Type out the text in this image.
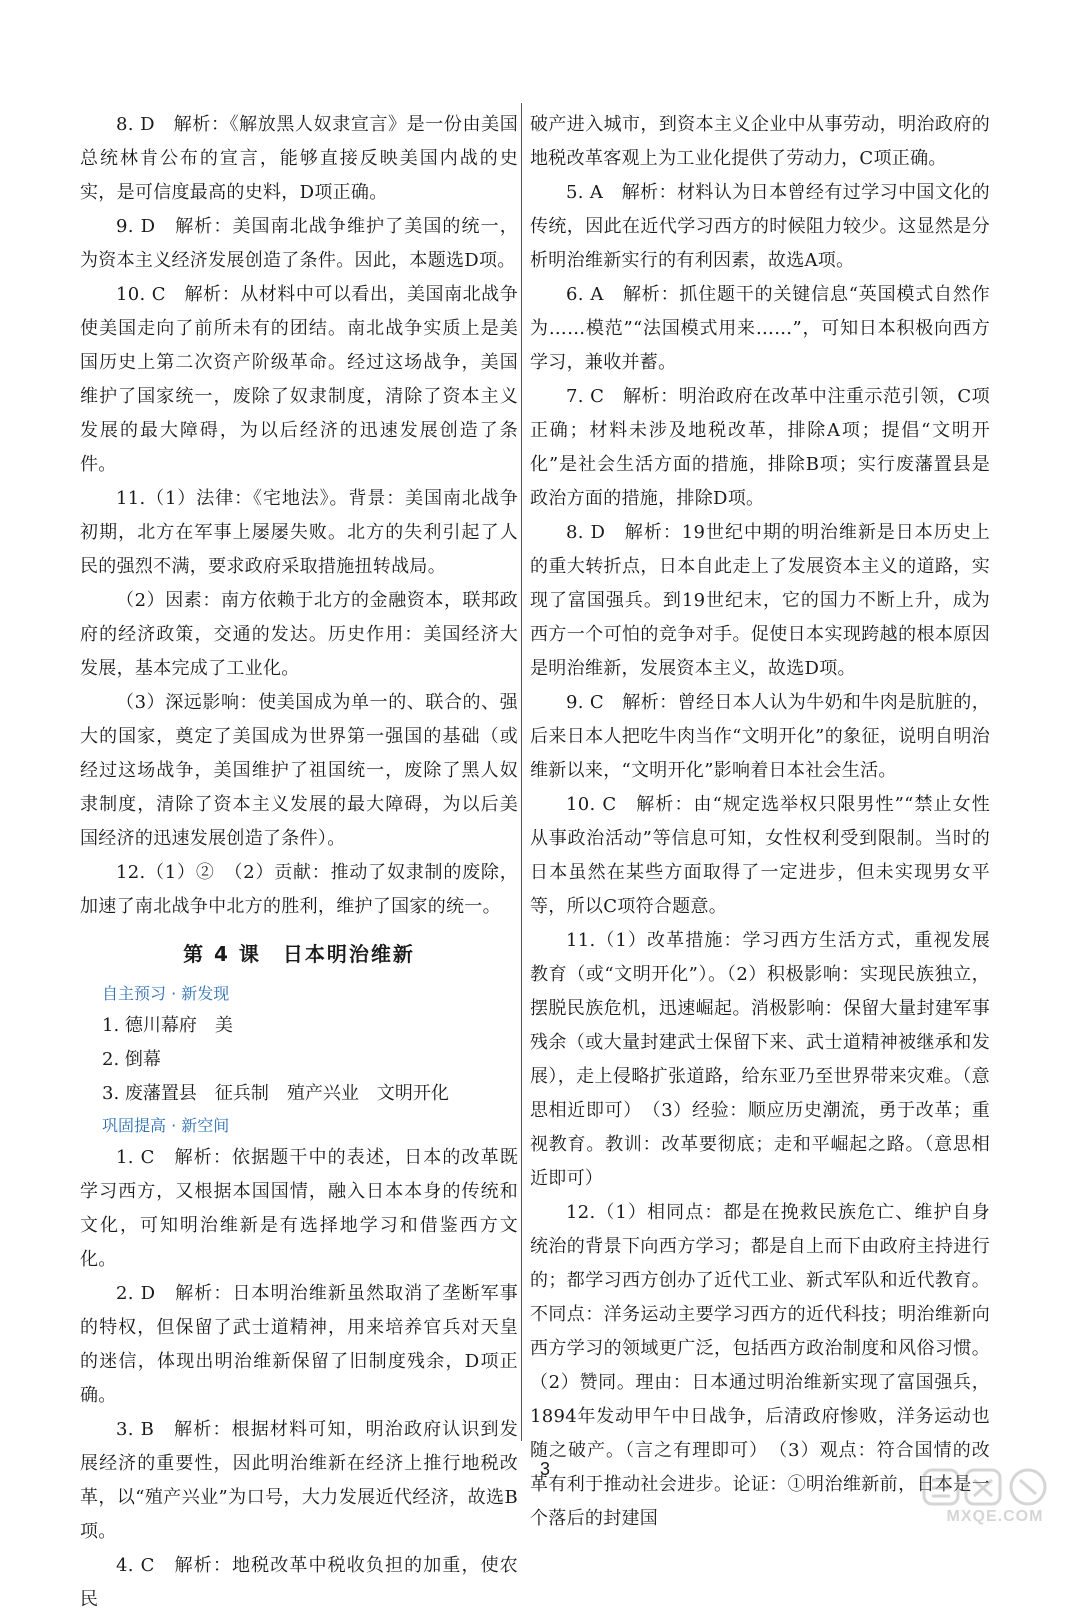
8. D　解析：《解放黑人奴隶宣言》是一份由美国总统林肯公布的宣言，能够直接反映美国内战的史实，是可信度最高的史料，D项正确。

9. D　解析：美国南北战争维护了美国的统一，为资本主义经济发展创造了条件。因此，本题选D项。

10. C　解析：从材料中可以看出，美国南北战争使美国走向了前所未有的团结。南北战争实质上是美国历史上第二次资产阶级革命。经过这场战争，美国维护了国家统一，废除了奴隶制度，清除了资本主义发展的最大障碍，为以后经济的迅速发展创造了条件。

11.（1）法律：《宅地法》。背景：美国南北战争初期，北方在军事上屡屡失败。北方的失利引起了人民的强烈不满，要求政府采取措施扭转战局。

（2）因素：南方依赖于北方的金融资本，联邦政府的经济政策，交通的发达。历史作用：美国经济大发展，基本完成了工业化。

（3）深远影响：使美国成为单一的、联合的、强大的国家，奠定了美国成为世界第一强国的基础（或经过这场战争，美国维护了祖国统一，废除了黑人奴隶制度，清除了资本主义发展的最大障碍，为以后美国经济的迅速发展创造了条件）。

12.（1）②　（2）贡献：推动了奴隶制的废除，加速了南北战争中北方的胜利，维护了国家的统一。

第 4 课　日本明治维新
自主预习 · 新发现
1. 德川幕府　美
2. 倒幕
3. 废藩置县　征兵制　殖产兴业　文明开化
巩固提高 · 新空间

1. C　解析：依据题干中的表述，日本的改革既学习西方，又根据本国国情，融入日本本身的传统和文化，可知明治维新是有选择地学习和借鉴西方文化。

2. D　解析：日本明治维新虽然取消了垄断军事的特权，但保留了武士道精神，用来培养官兵对天皇的迷信，体现出明治维新保留了旧制度残余，D项正确。

3. B　解析：根据材料可知，明治政府认识到发展经济的重要性，因此明治维新在经济上推行地税改革，以“殖产兴业”为口号，大力发展近代经济，故选B项。

4. C　解析：地税改革中税收负担的加重，使农民

破产进入城市，到资本主义企业中从事劳动，明治政府的地税改革客观上为工业化提供了劳动力，C项正确。

5. A　解析：材料认为日本曾经有过学习中国文化的传统，因此在近代学习西方的时候阻力较少。这显然是分析明治维新实行的有利因素，故选A项。

6. A　解析：抓住题干的关键信息“英国模式自然作为……模范”“法国模式用来……”，可知日本积极向西方学习，兼收并蓄。

7. C　解析：明治政府在改革中注重示范引领，C项正确；材料未涉及地税改革，排除A项；提倡“文明开化”是社会生活方面的措施，排除B项；实行废藩置县是政治方面的措施，排除D项。

8. D　解析：19世纪中期的明治维新是日本历史上的重大转折点，日本自此走上了发展资本主义的道路，实现了富国强兵。到19世纪末，它的国力不断上升，成为西方一个可怕的竞争对手。促使日本实现跨越的根本原因是明治维新，发展资本主义，故选D项。

9. C　解析：曾经日本人认为牛奶和牛肉是肮脏的，后来日本人把吃牛肉当作“文明开化”的象征，说明自明治维新以来，“文明开化”影响着日本社会生活。

10. C　解析：由“规定选举权只限男性”“禁止女性从事政治活动”等信息可知，女性权利受到限制。当时的日本虽然在某些方面取得了一定进步，但未实现男女平等，所以C项符合题意。

11.（1）改革措施：学习西方生活方式，重视发展教育（或“文明开化”）。（2）积极影响：实现民族独立，摆脱民族危机，迅速崛起。消极影响：保留大量封建军事残余（或大量封建武士保留下来、武士道精神被继承和发展），走上侵略扩张道路，给东亚乃至世界带来灾难。（意思相近即可）　（3）经验：顺应历史潮流，勇于改革；重视教育。教训：改革要彻底；走和平崛起之路。（意思相近即可）

12.（1）相同点：都是在挽救民族危亡、维护自身统治的背景下向西方学习；都是自上而下由政府主持进行的；都学习西方创办了近代工业、新式军队和近代教育。不同点：洋务运动主要学习西方的近代科技；明治维新向西方学习的领域更广泛，包括西方政治制度和风俗习惯。（2）赞同。理由：日本通过明治维新实现了富国强兵，1894年发动甲午中日战争，后清政府惨败，洋务运动也随之破产。（言之有理即可）　（3）观点：符合国情的改革有利于推动社会进步。论证：①明治维新前，日本是一个落后的封建国

3
MXQE.COM
